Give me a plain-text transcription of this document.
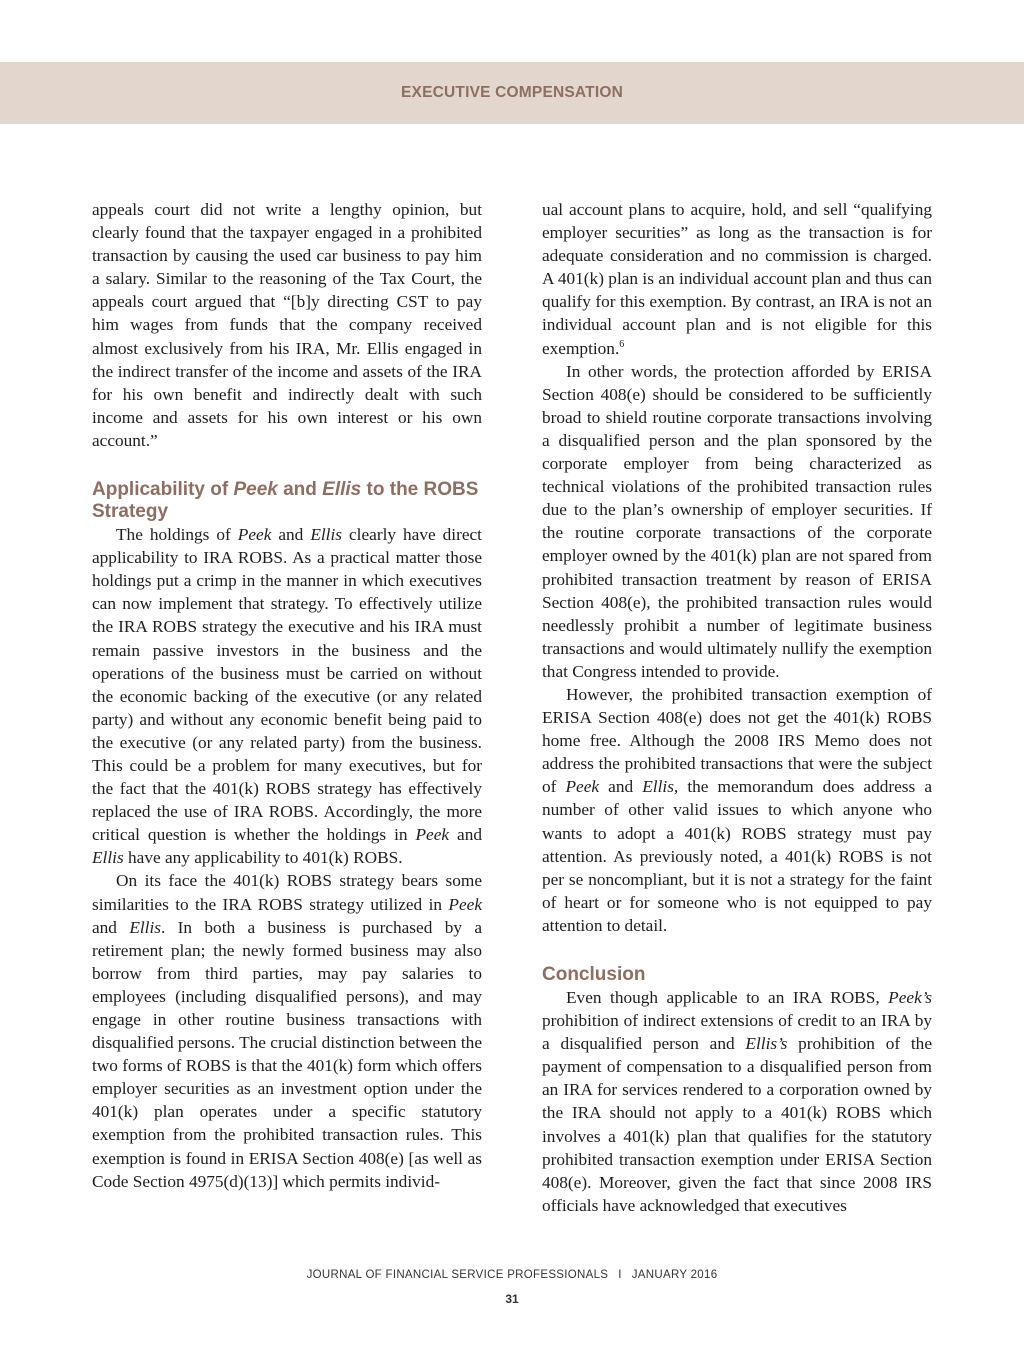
EXECUTIVE COMPENSATION

appeals court did not write a lengthy opinion, but clearly found that the taxpayer engaged in a prohibited transaction by causing the used car business to pay him a salary. Similar to the reasoning of the Tax Court, the appeals court argued that “[b]y directing CST to pay him wages from funds that the company received almost exclusively from his IRA, Mr. Ellis engaged in the indirect transfer of the income and assets of the IRA for his own benefit and indirectly dealt with such income and assets for his own interest or his own account.”

Applicability of Peek and Ellis to the ROBS Strategy

The holdings of Peek and Ellis clearly have direct applicability to IRA ROBS. As a practical matter those holdings put a crimp in the manner in which executives can now implement that strategy. To effectively utilize the IRA ROBS strategy the executive and his IRA must remain passive investors in the business and the operations of the business must be carried on without the economic backing of the executive (or any related party) and without any economic benefit being paid to the executive (or any related party) from the business. This could be a problem for many executives, but for the fact that the 401(k) ROBS strategy has effectively replaced the use of IRA ROBS. Accordingly, the more critical question is whether the holdings in Peek and Ellis have any applicability to 401(k) ROBS.

On its face the 401(k) ROBS strategy bears some similarities to the IRA ROBS strategy utilized in Peek and Ellis. In both a business is purchased by a retirement plan; the newly formed business may also borrow from third parties, may pay salaries to employees (including disqualified persons), and may engage in other routine business transactions with disqualified persons. The crucial distinction between the two forms of ROBS is that the 401(k) form which offers employer securities as an investment option under the 401(k) plan operates under a specific statutory exemption from the prohibited transaction rules. This exemption is found in ERISA Section 408(e) [as well as Code Section 4975(d)(13)] which permits individ-

ual account plans to acquire, hold, and sell “qualifying employer securities” as long as the transaction is for adequate consideration and no commission is charged. A 401(k) plan is an individual account plan and thus can qualify for this exemption. By contrast, an IRA is not an individual account plan and is not eligible for this exemption.$^6$

In other words, the protection afforded by ERISA Section 408(e) should be considered to be sufficiently broad to shield routine corporate transactions involving a disqualified person and the plan sponsored by the corporate employer from being characterized as technical violations of the prohibited transaction rules due to the plan’s ownership of employer securities. If the routine corporate transactions of the corporate employer owned by the 401(k) plan are not spared from prohibited transaction treatment by reason of ERISA Section 408(e), the prohibited transaction rules would needlessly prohibit a number of legitimate business transactions and would ultimately nullify the exemption that Congress intended to provide.

However, the prohibited transaction exemption of ERISA Section 408(e) does not get the 401(k) ROBS home free. Although the 2008 IRS Memo does not address the prohibited transactions that were the subject of Peek and Ellis, the memorandum does address a number of other valid issues to which anyone who wants to adopt a 401(k) ROBS strategy must pay attention. As previously noted, a 401(k) ROBS is not per se noncompliant, but it is not a strategy for the faint of heart or for someone who is not equipped to pay attention to detail.

Conclusion

Even though applicable to an IRA ROBS, Peek’s prohibition of indirect extensions of credit to an IRA by a disqualified person and Ellis’s prohibition of the payment of compensation to a disqualified person from an IRA for services rendered to a corporation owned by the IRA should not apply to a 401(k) ROBS which involves a 401(k) plan that qualifies for the statutory prohibited transaction exemption under ERISA Section 408(e). Moreover, given the fact that since 2008 IRS officials have acknowledged that executives

JOURNAL OF FINANCIAL SERVICE PROFESSIONALS I JANUARY 2016
31
